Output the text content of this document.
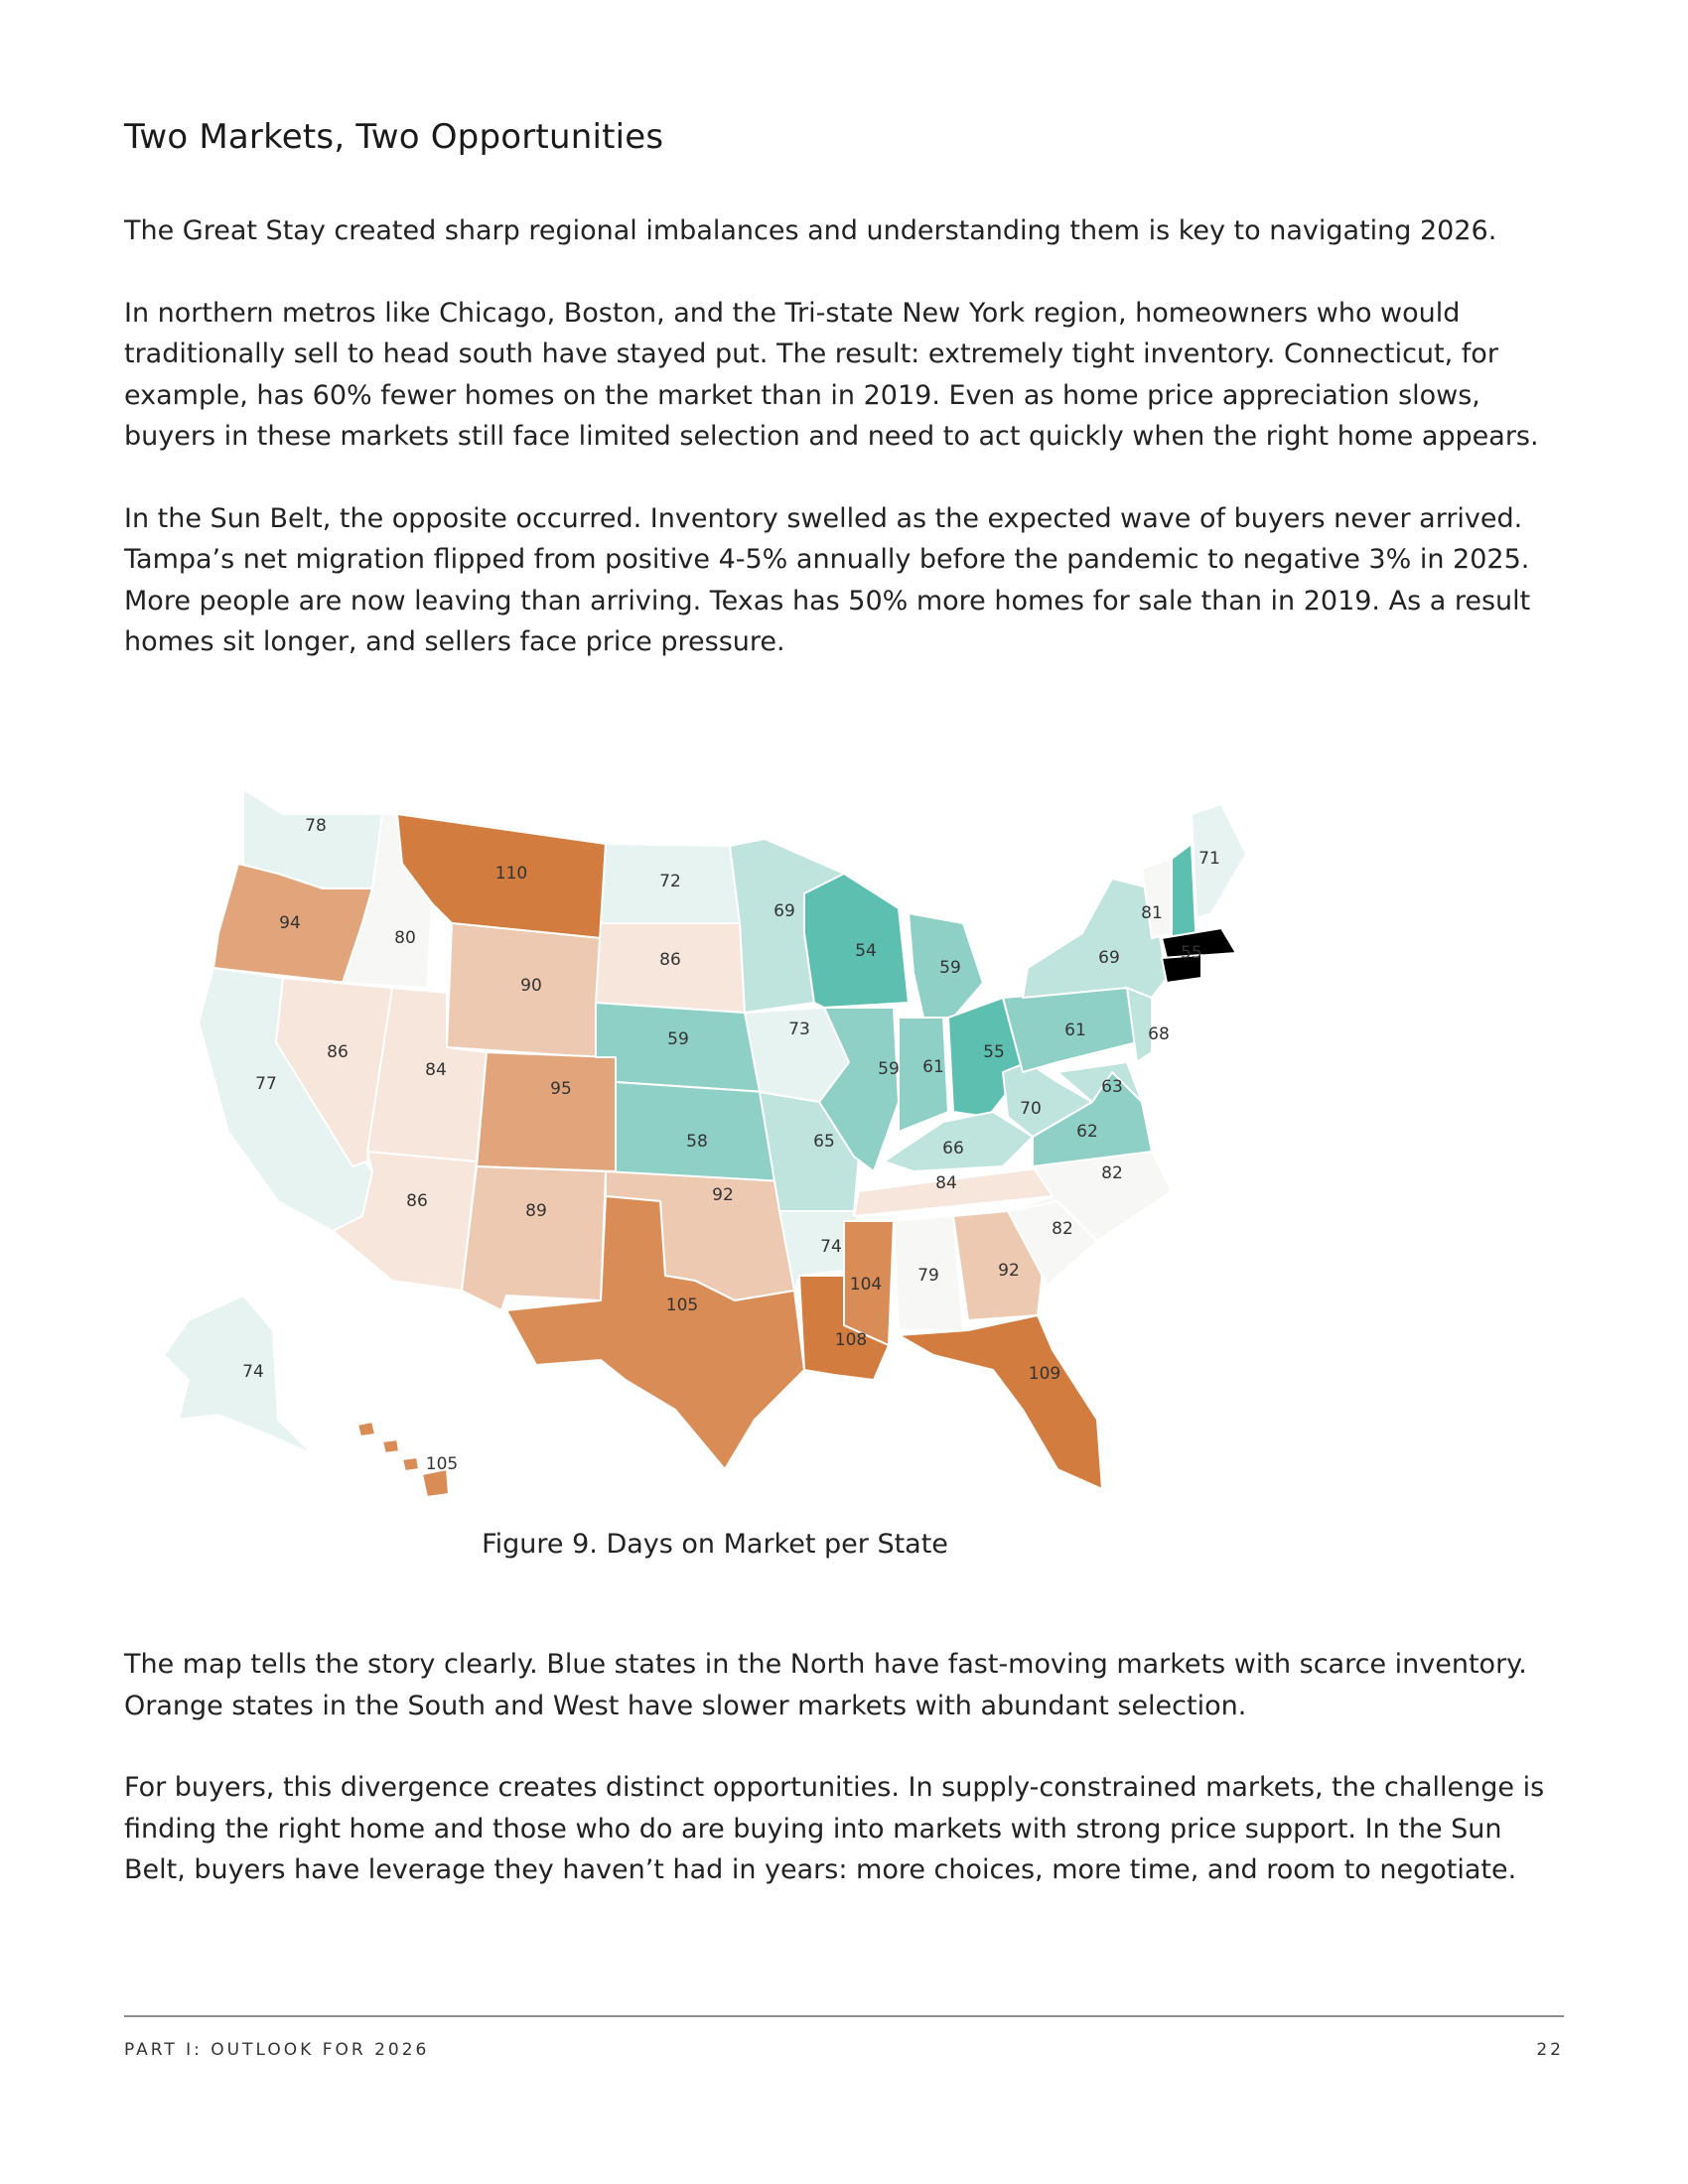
Two Markets, Two Opportunities

The Great Stay created sharp regional imbalances and understanding them is key to navigating 2026.

In northern metros like Chicago, Boston, and the Tri-state New York region, homeowners who would traditionally sell to head south have stayed put. The result: extremely tight inventory. Connecticut, for example, has 60% fewer homes on the market than in 2019. Even as home price appreciation slows, buyers in these markets still face limited selection and need to act quickly when the right home appears.

In the Sun Belt, the opposite occurred. Inventory swelled as the expected wave of buyers never arrived. Tampa’s net migration flipped from positive 4-5% annually before the pandemic to negative 3% in 2025. More people are now leaving than arriving. Texas has 50% more homes for sale than in 2019. As a result homes sit longer, and sellers face price pressure.

78
94
77
86
80
110
90
84
86
95
89
72
86
59
58
92
105
69
73
65
74
108
54
59
59
61
55
66
84
104 79	92
109
82
82
62
70
63
61	68
69
81
55
71
74
105
Figure 9. Days on Market per State

The map tells the story clearly. Blue states in the North have fast-moving markets with scarce inventory. Orange states in the South and West have slower markets with abundant selection.

For buyers, this divergence creates distinct opportunities. In supply-constrained markets, the challenge is finding the right home and those who do are buying into markets with strong price support. In the Sun Belt, buyers have leverage they haven’t had in years: more choices, more time, and room to negotiate.

PART I: OUTLOOK FOR 2026	22
